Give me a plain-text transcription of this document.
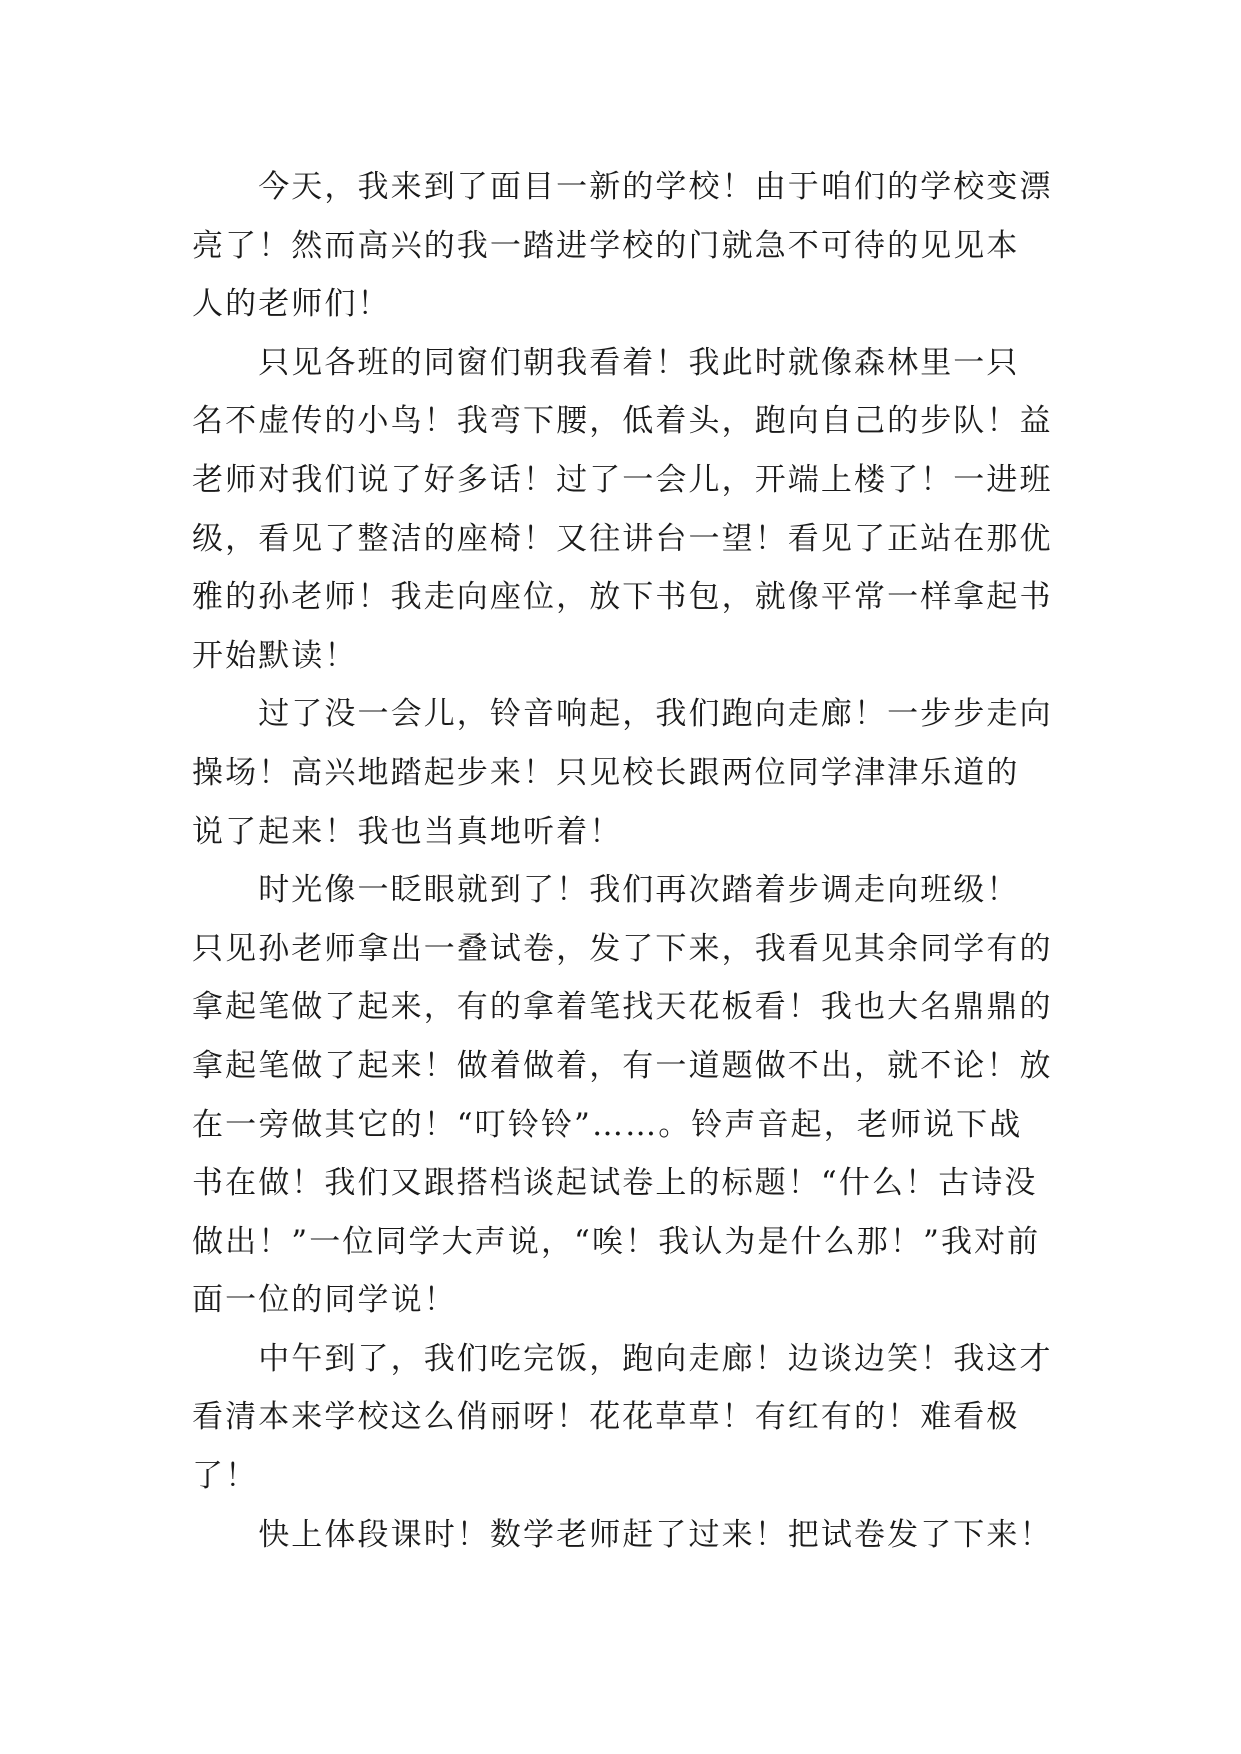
　　今天，我来到了面目一新的学校！由于咱们的学校变漂
亮了！然而高兴的我一踏进学校的门就急不可待的见见本
人的老师们！
　　只见各班的同窗们朝我看着！我此时就像森林里一只
名不虚传的小鸟！我弯下腰，低着头，跑向自己的步队！益
老师对我们说了好多话！过了一会儿，开端上楼了！一进班
级，看见了整洁的座椅！又往讲台一望！看见了正站在那优
雅的孙老师！我走向座位，放下书包，就像平常一样拿起书
开始默读！
　　过了没一会儿，铃音响起，我们跑向走廊！一步步走向
操场！高兴地踏起步来！只见校长跟两位同学津津乐道的
说了起来！我也当真地听着！
　　时光像一眨眼就到了！我们再次踏着步调走向班级！
只见孙老师拿出一叠试卷，发了下来，我看见其余同学有的
拿起笔做了起来，有的拿着笔找天花板看！我也大名鼎鼎的
拿起笔做了起来！做着做着，有一道题做不出，就不论！放
在一旁做其它的！“叮铃铃”……。铃声音起，老师说下战
书在做！我们又跟搭档谈起试卷上的标题！“什么！古诗没
做出！”一位同学大声说，“唉！我认为是什么那！”我对前
面一位的同学说！
　　中午到了，我们吃完饭，跑向走廊！边谈边笑！我这才
看清本来学校这么俏丽呀！花花草草！有红有的！难看极
了！
　　快上体段课时！数学老师赶了过来！把试卷发了下来！
